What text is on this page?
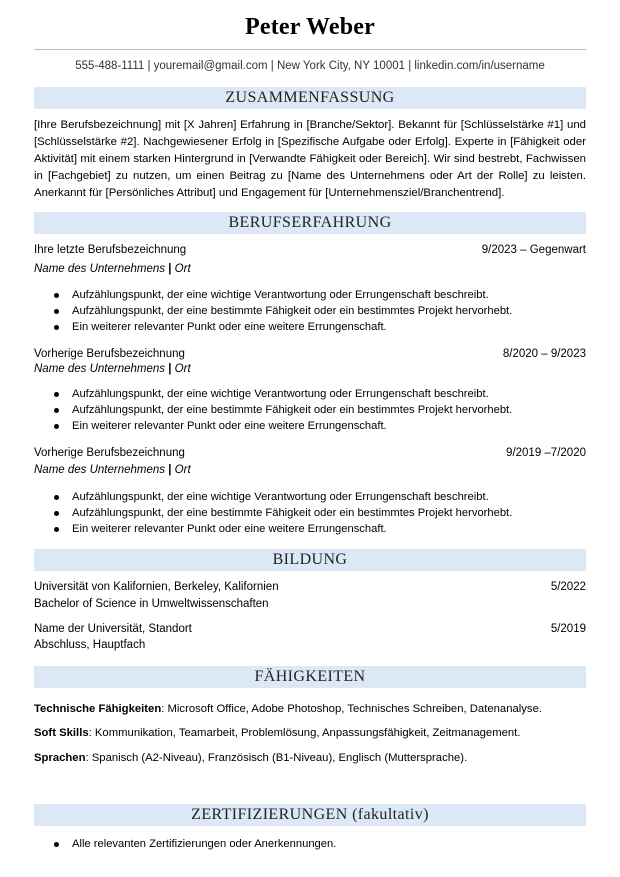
Peter Weber
555-488-1111 | youremail@gmail.com | New York City, NY 10001 | linkedin.com/in/username
ZUSAMMENFASSUNG
[Ihre Berufsbezeichnung] mit [X Jahren] Erfahrung in [Branche/Sektor]. Bekannt für [Schlüsselstärke #1] und [Schlüsselstärke #2]. Nachgewiesener Erfolg in [Spezifische Aufgabe oder Erfolg]. Experte in [Fähigkeit oder Aktivität] mit einem starken Hintergrund in [Verwandte Fähigkeit oder Bereich]. Wir sind bestrebt, Fachwissen in [Fachgebiet] zu nutzen, um einen Beitrag zu [Name des Unternehmens oder Art der Rolle] zu leisten. Anerkannt für [Persönliches Attribut] und Engagement für [Unternehmensziel/Branchentrend].
BERUFSERFAHRUNG
Ihre letzte Berufsbezeichnung	9/2023 – Gegenwart
Name des Unternehmens | Ort
Aufzählungspunkt, der eine wichtige Verantwortung oder Errungenschaft beschreibt.
Aufzählungspunkt, der eine bestimmte Fähigkeit oder ein bestimmtes Projekt hervorhebt.
Ein weiterer relevanter Punkt oder eine weitere Errungenschaft.
Vorherige Berufsbezeichnung	8/2020 – 9/2023
Name des Unternehmens | Ort
Aufzählungspunkt, der eine wichtige Verantwortung oder Errungenschaft beschreibt.
Aufzählungspunkt, der eine bestimmte Fähigkeit oder ein bestimmtes Projekt hervorhebt.
Ein weiterer relevanter Punkt oder eine weitere Errungenschaft.
Vorherige Berufsbezeichnung	9/2019 –7/2020
Name des Unternehmens | Ort
Aufzählungspunkt, der eine wichtige Verantwortung oder Errungenschaft beschreibt.
Aufzählungspunkt, der eine bestimmte Fähigkeit oder ein bestimmtes Projekt hervorhebt.
Ein weiterer relevanter Punkt oder eine weitere Errungenschaft.
BILDUNG
Universität von Kalifornien, Berkeley, Kalifornien	5/2022
Bachelor of Science in Umweltwissenschaften
Name der Universität, Standort	5/2019
Abschluss, Hauptfach
FÄHIGKEITEN
Technische Fähigkeiten: Microsoft Office, Adobe Photoshop, Technisches Schreiben, Datenanalyse.
Soft Skills: Kommunikation, Teamarbeit, Problemlösung, Anpassungsfähigkeit, Zeitmanagement.
Sprachen: Spanisch (A2-Niveau), Französisch (B1-Niveau), Englisch (Muttersprache).
ZERTIFIZIERUNGEN (fakultativ)
Alle relevanten Zertifizierungen oder Anerkennungen.
